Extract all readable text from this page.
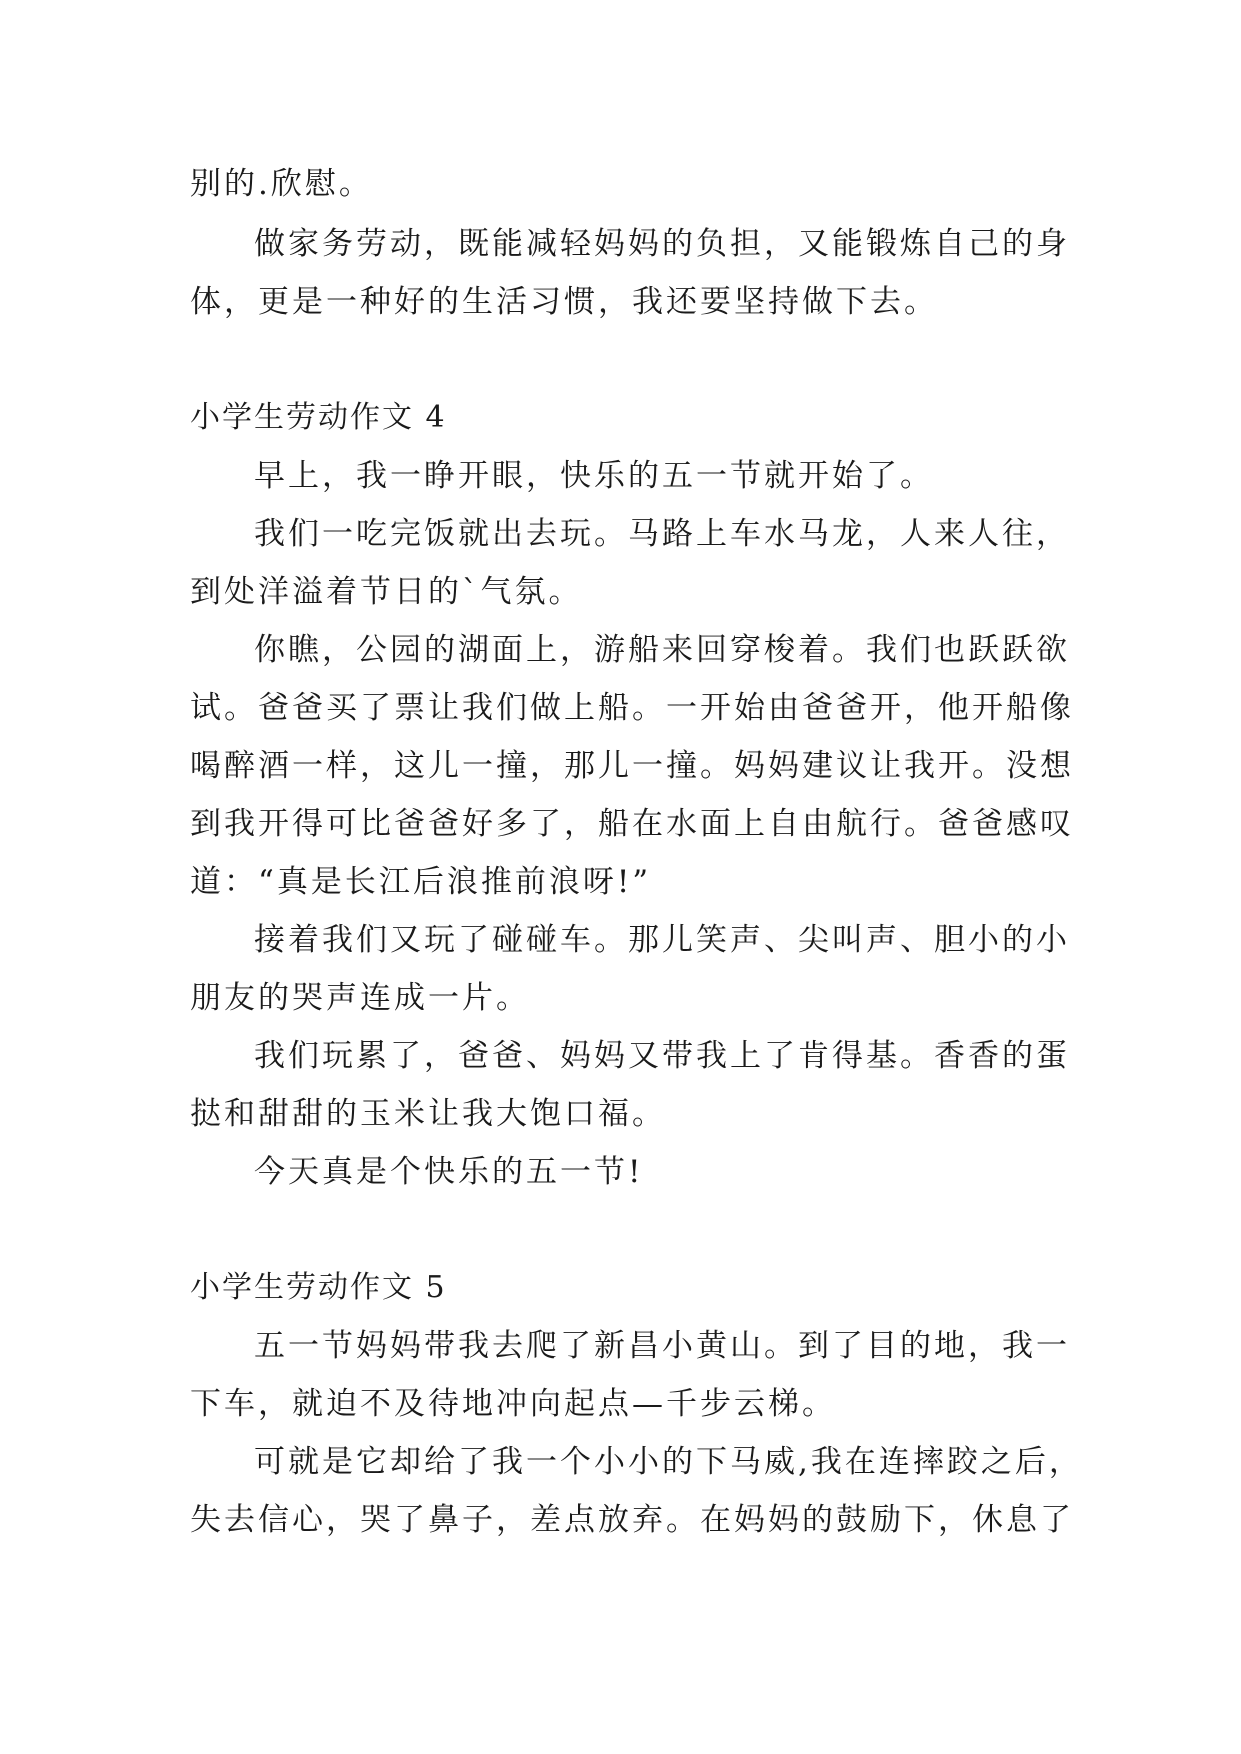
别的.欣慰。
做家务劳动，既能减轻妈妈的负担，又能锻炼自己的身
体，更是一种好的生活习惯，我还要坚持做下去。
小学生劳动作文 4
早上，我一睁开眼，快乐的五一节就开始了。
我们一吃完饭就出去玩。马路上车水马龙，人来人往，
到处洋溢着节日的`气氛。
你瞧，公园的湖面上，游船来回穿梭着。我们也跃跃欲
试。爸爸买了票让我们做上船。一开始由爸爸开，他开船像
喝醉酒一样，这儿一撞，那儿一撞。妈妈建议让我开。没想
到我开得可比爸爸好多了，船在水面上自由航行。爸爸感叹
道：“真是长江后浪推前浪呀!”
接着我们又玩了碰碰车。那儿笑声、尖叫声、胆小的小
朋友的哭声连成一片。
我们玩累了，爸爸、妈妈又带我上了肯得基。香香的蛋
挞和甜甜的玉米让我大饱口福。
今天真是个快乐的五一节!
小学生劳动作文 5
五一节妈妈带我去爬了新昌小黄山。到了目的地，我一
下车，就迫不及待地冲向起点—千步云梯。
可就是它却给了我一个小小的下马威,我在连摔跤之后，
失去信心，哭了鼻子，差点放弃。在妈妈的鼓励下，休息了
